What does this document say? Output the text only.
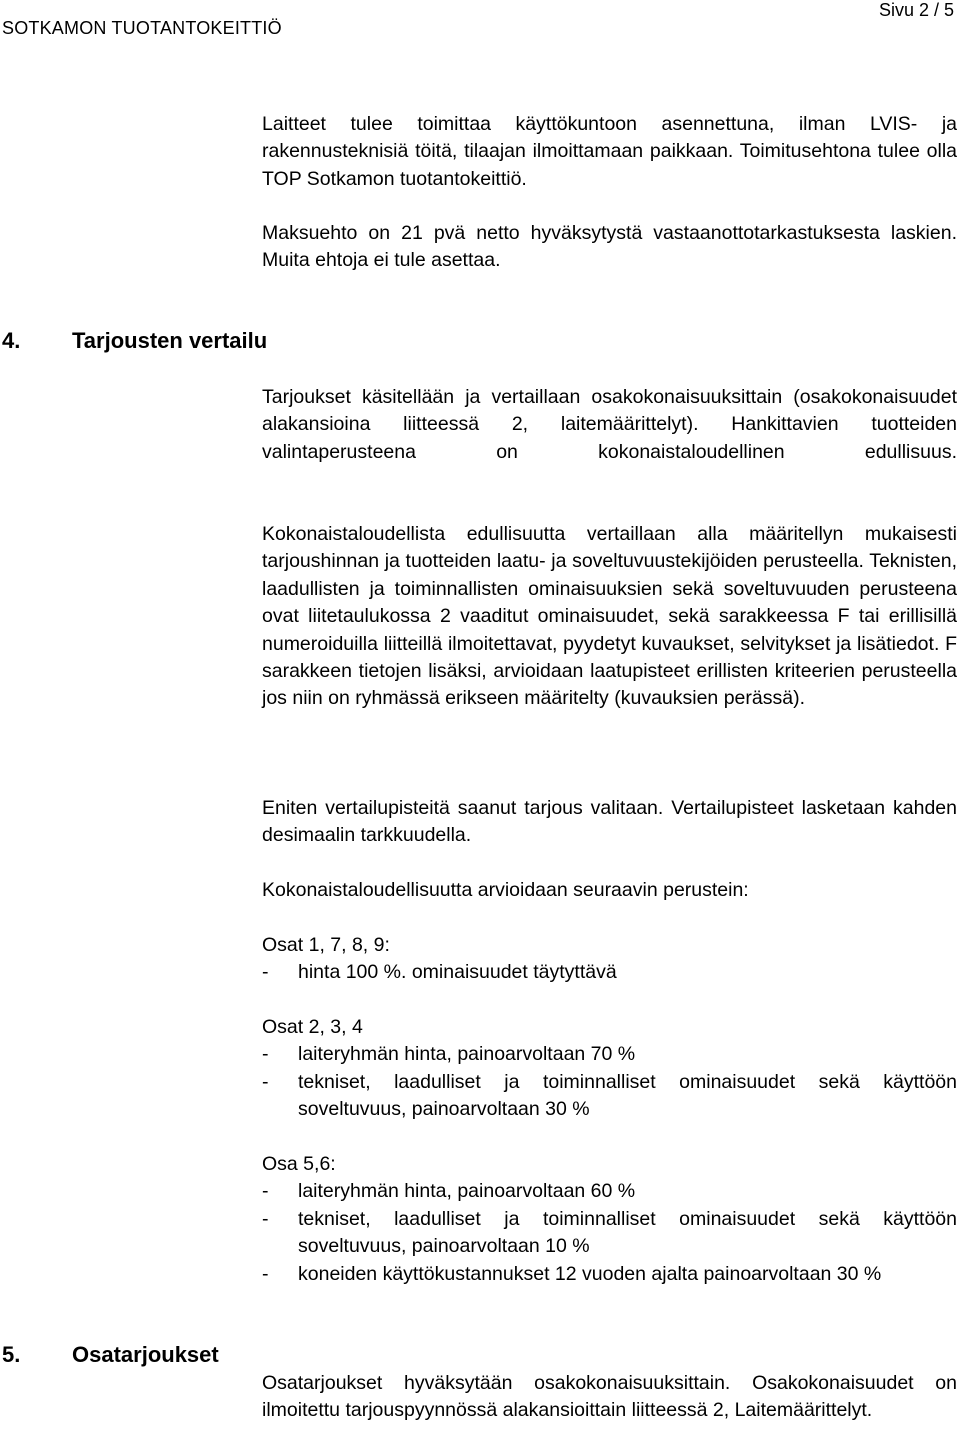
SOTKAMON TUOTANTOKEITTIÖ
Sivu 2 / 5

Laitteet tulee toimittaa käyttökuntoon asennettuna, ilman LVIS- ja rakennusteknisiä töitä, tilaajan ilmoittamaan paikkaan. Toimitusehtona tulee olla TOP Sotkamon tuotantokeittiö.

Maksuehto on 21 pvä netto hyväksytystä vastaanottotarkastuksesta laskien. Muita ehtoja ei tule asettaa.

4. Tarjousten vertailu

Tarjoukset käsitellään ja vertaillaan osakokonaisuuksittain (osakokonaisuudet alakansioina liitteessä 2, laitemäärittelyt). Hankittavien tuotteiden valintaperusteena on kokonaistaloudellinen edullisuus.

Kokonaistaloudellista edullisuutta vertaillaan alla määritellyn mukaisesti tarjoushinnan ja tuotteiden laatu- ja soveltuvuustekijöiden perusteella. Teknisten, laadullisten ja toiminnallisten ominaisuuksien sekä soveltuvuuden perusteena ovat liitetaulukossa 2 vaaditut ominaisuudet, sekä sarakkeessa F tai erillisillä numeroiduilla liitteillä ilmoitettavat, pyydetyt kuvaukset, selvitykset ja lisätiedot. F sarakkeen tietojen lisäksi, arvioidaan laatupisteet erillisten kriteerien perusteella jos niin on ryhmässä erikseen määritelty (kuvauksien perässä).

Eniten vertailupisteitä saanut tarjous valitaan. Vertailupisteet lasketaan kahden desimaalin tarkkuudella.

Kokonaistaloudellisuutta arvioidaan seuraavin perustein:

Osat 1, 7, 8, 9:

- hinta 100 %. ominaisuudet täytyttävä

Osat 2, 3, 4

- laiteryhmän hinta, painoarvoltaan 70 %
- tekniset, laadulliset ja toiminnalliset ominaisuudet sekä käyttöön soveltuvuus, painoarvoltaan 30 %

Osa 5,6:

- laiteryhmän hinta, painoarvoltaan 60 %
- tekniset, laadulliset ja toiminnalliset ominaisuudet sekä käyttöön soveltuvuus, painoarvoltaan 10 %
- koneiden käyttökustannukset 12 vuoden ajalta painoarvoltaan 30 %
5. Osatarjoukset

Osatarjoukset hyväksytään osakokonaisuuksittain. Osakokonaisuudet on ilmoitettu tarjouspyynnössä alakansioittain liitteessä 2, Laitemäärittelyt.
